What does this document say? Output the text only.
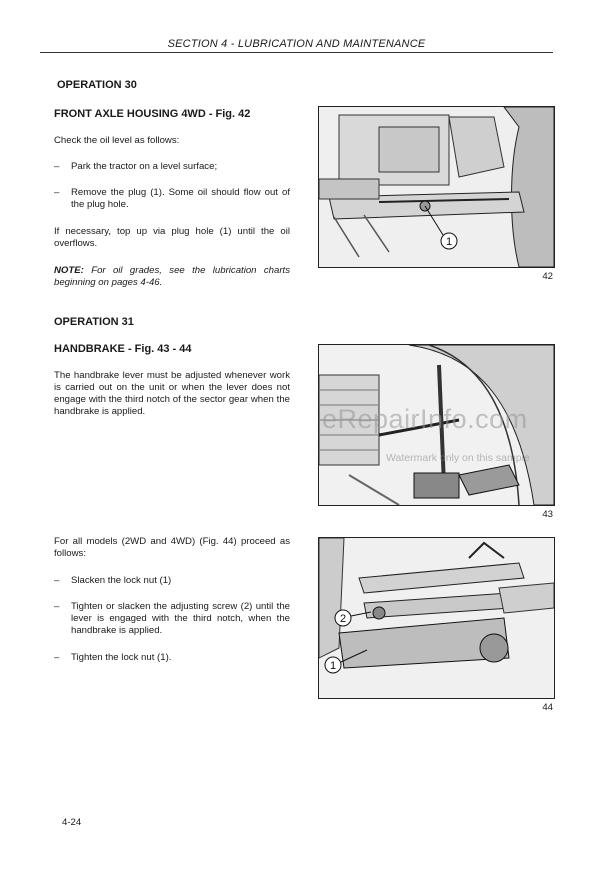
SECTION 4 - LUBRICATION AND MAINTENANCE
OPERATION 30
FRONT AXLE HOUSING 4WD - Fig. 42
Check the oil level as follows:
–	Park the tractor on a level surface;
–	Remove the plug (1). Some oil should flow out of the plug hole.
If necessary, top up via plug hole (1) until the oil overflows.
NOTE: For oil grades, see the lubrication charts beginning on pages 4-46.
1
42
OPERATION 31
HANDBRAKE - Fig. 43 - 44
The handbrake lever must be adjusted whenever work is carried out on the unit or when the lever does not engage with the third notch of the sector gear when the handbrake is applied.	eRepairInfo.com
Watermark only on this sample
43
For all models (2WD and 4WD) (Fig. 44) proceed as follows:
–	Slacken the lock nut (1)
–	Tighten or slacken the adjusting screw (2) until the lever is engaged with the third notch, when the handbrake is applied.
–	Tighten the lock nut (1).
2
1
44
4-24
